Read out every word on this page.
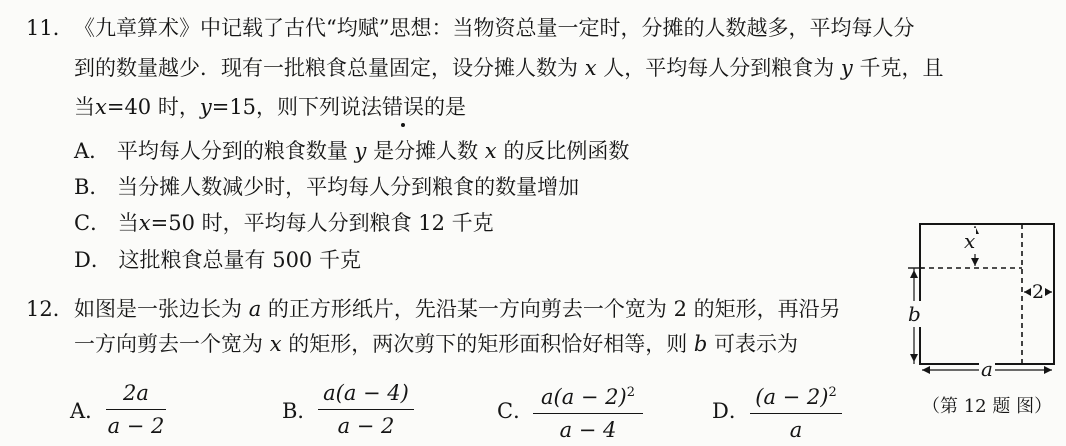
11． 《九章算术》中记载了古代“均赋”思想：当物资总量一定时，分摊的人数越多，平均每人分
到的数量越少．现有一批粮食总量固定，设分摊人数为 x 人，平均每人分到粮食为 y 千克，且
当x=40 时，y=15，则下列说法错误的是
A． 平均每人分到的粮食数量 y 是分摊人数 x 的反比例函数
B． 当分摊人数减少时，平均每人分到粮食的数量增加
C． 当x=50 时，平均每人分到粮食 12 千克
D． 这批粮食总量有 500 千克
12． 如图是一张边长为 a 的正方形纸片，先沿某一方向剪去一个宽为 2 的矩形，再沿另
一方向剪去一个宽为 x 的矩形，两次剪下的矩形面积恰好相等，则 b 可表示为
A．
2a
a − 2
B．
a(a − 4)
a − 2
C．
$a(a - 2)^2$
a − 4
D．
$(a - 2)^2$
a
x
2
b
a
（第 12 题 图）
